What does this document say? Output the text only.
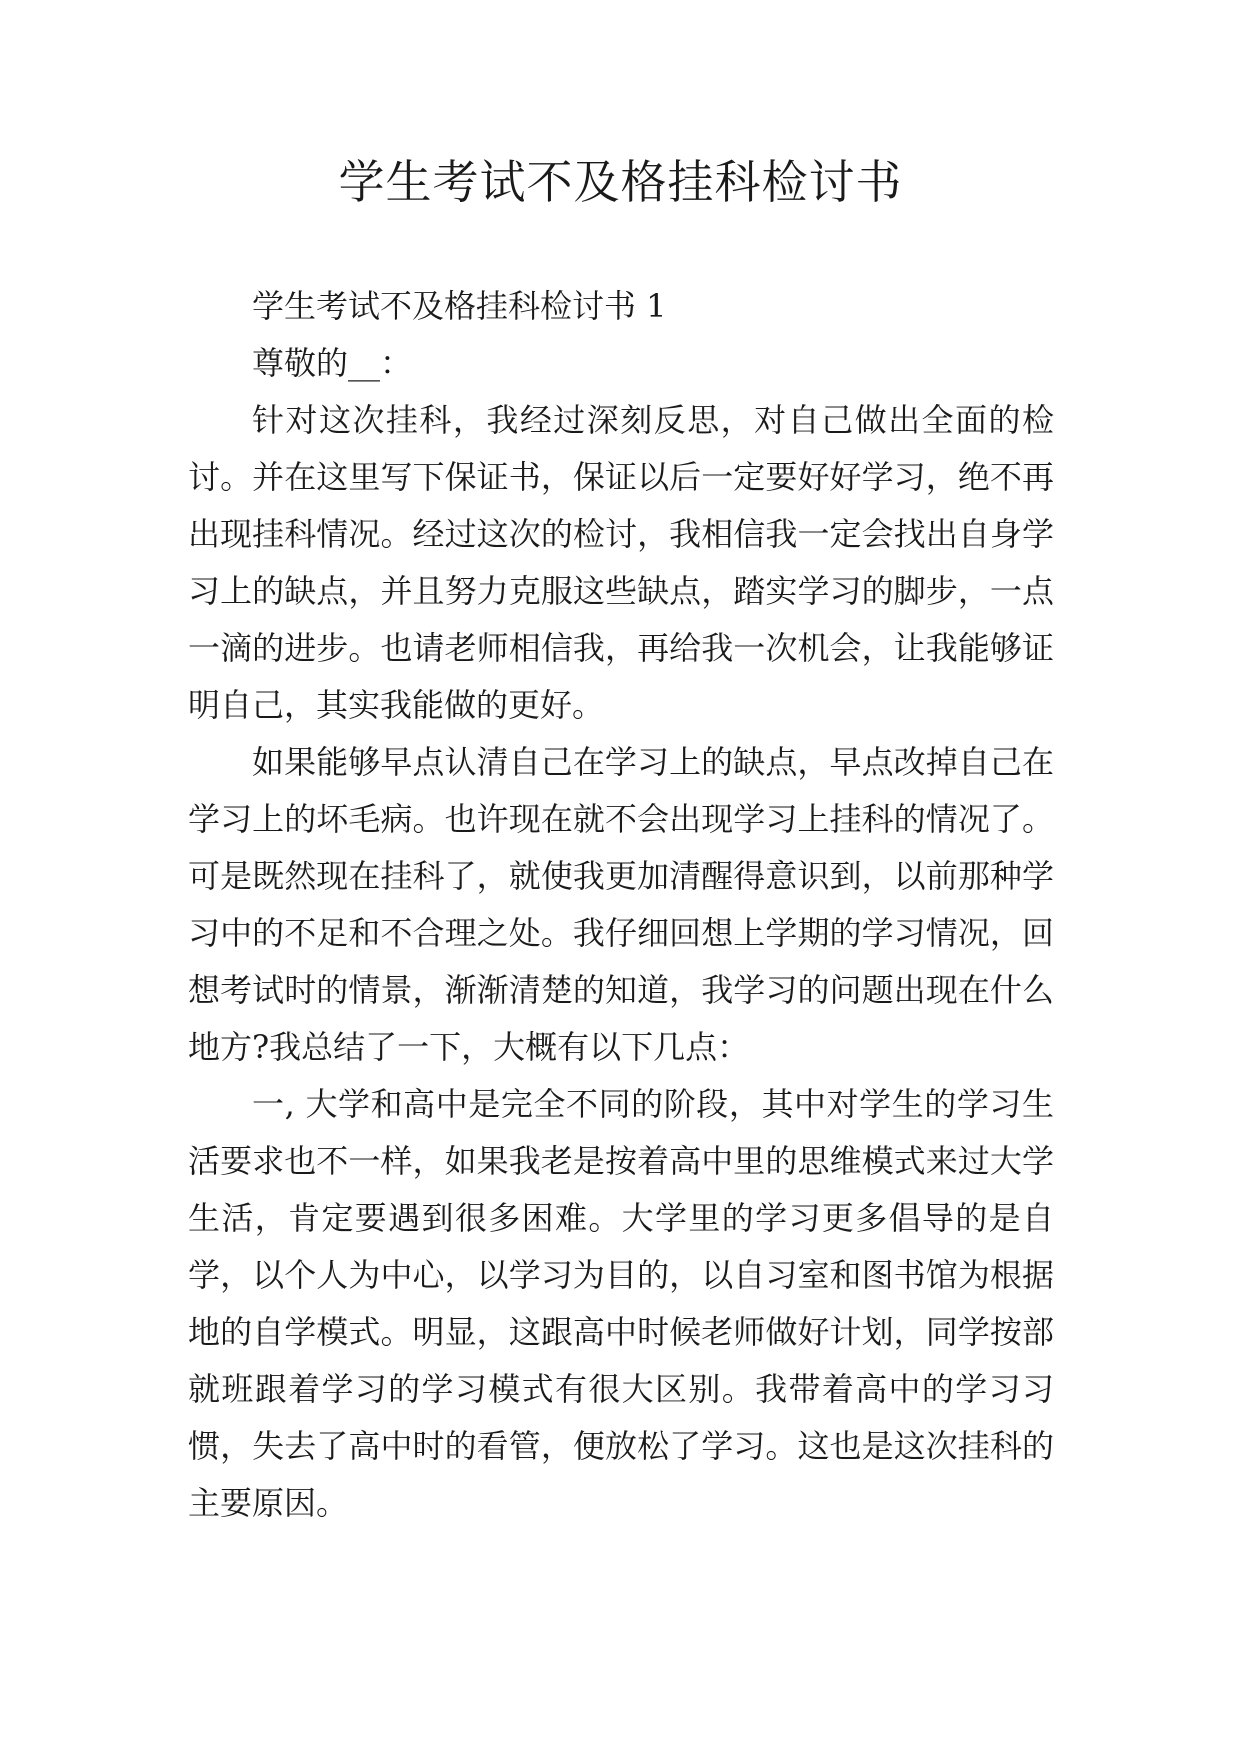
学生考试不及格挂科检讨书

学生考试不及格挂科检讨书 1

尊敬的__：

针对这次挂科，我经过深刻反思，对自己做出全面的检讨。并在这里写下保证书，保证以后一定要好好学习，绝不再出现挂科情况。经过这次的检讨，我相信我一定会找出自身学习上的缺点，并且努力克服这些缺点，踏实学习的脚步，一点一滴的进步。也请老师相信我，再给我一次机会，让我能够证明自己，其实我能做的更好。

如果能够早点认清自己在学习上的缺点，早点改掉自己在学习上的坏毛病。也许现在就不会出现学习上挂科的情况了。可是既然现在挂科了，就使我更加清醒得意识到，以前那种学习中的不足和不合理之处。我仔细回想上学期的学习情况，回想考试时的情景，渐渐清楚的知道，我学习的问题出现在什么地方?我总结了一下，大概有以下几点：

一, 大学和高中是完全不同的阶段，其中对学生的学习生活要求也不一样，如果我老是按着高中里的思维模式来过大学生活，肯定要遇到很多困难。大学里的学习更多倡导的是自学，以个人为中心，以学习为目的，以自习室和图书馆为根据地的自学模式。明显，这跟高中时候老师做好计划，同学按部就班跟着学习的学习模式有很大区别。我带着高中的学习习惯，失去了高中时的看管，便放松了学习。这也是这次挂科的主要原因。
